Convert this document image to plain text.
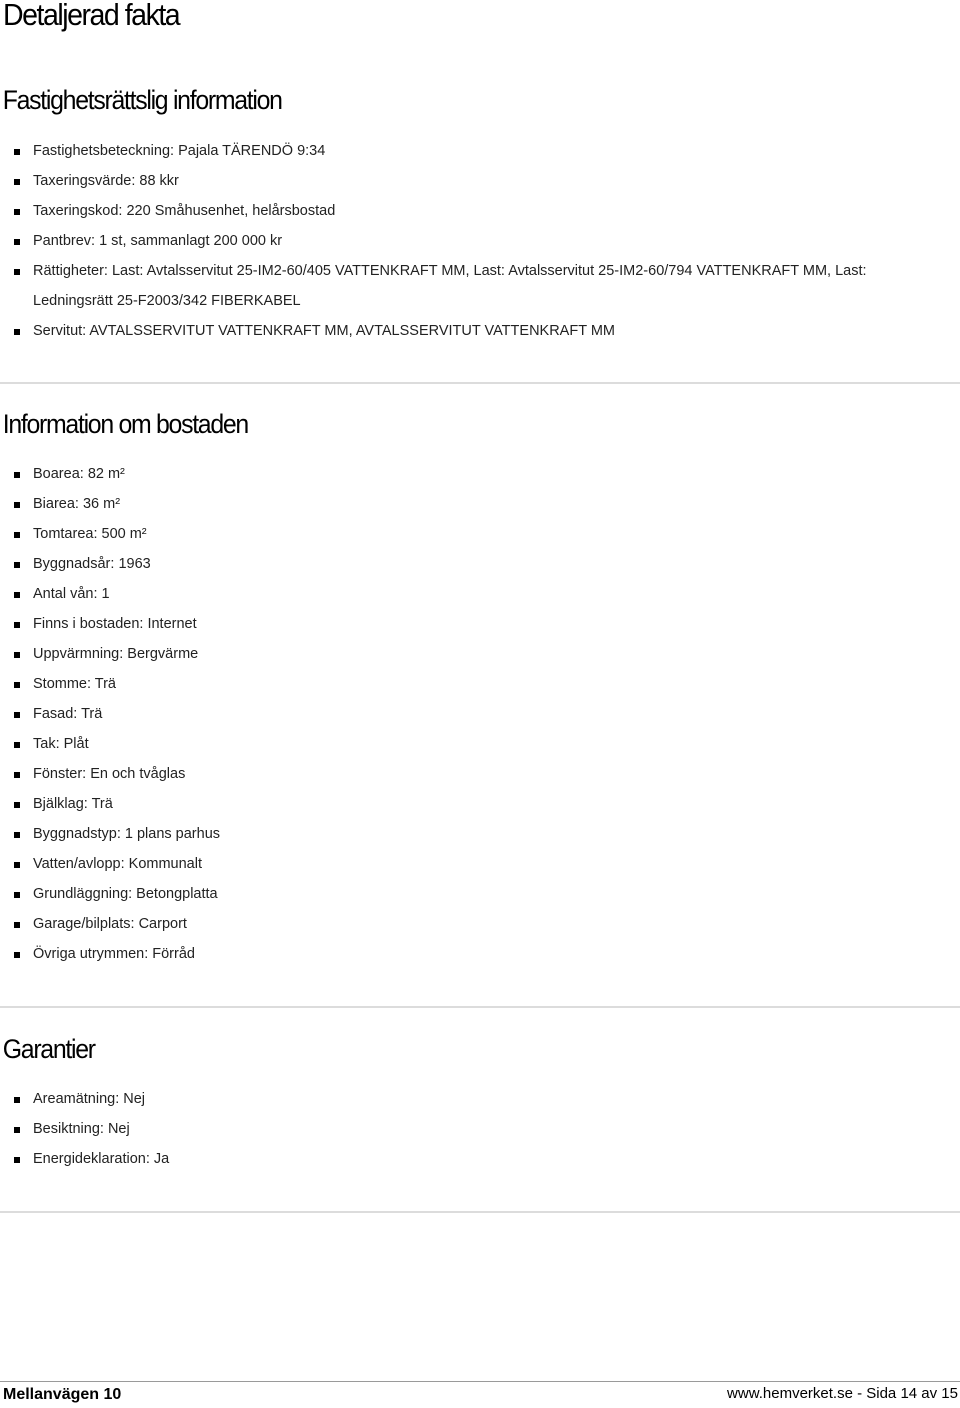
Detaljerad fakta
Fastighetsrättslig information
Fastighetsbeteckning: Pajala TÄRENDÖ 9:34
Taxeringsvärde: 88 kkr
Taxeringskod: 220 Småhusenhet, helårsbostad
Pantbrev: 1 st, sammanlagt 200 000 kr
Rättigheter: Last: Avtalsservitut 25-IM2-60/405 VATTENKRAFT MM, Last: Avtalsservitut 25-IM2-60/794 VATTENKRAFT MM, Last: Ledningsrätt 25-F2003/342 FIBERKABEL
Servitut: AVTALSSERVITUT VATTENKRAFT MM, AVTALSSERVITUT VATTENKRAFT MM
Information om bostaden
Boarea: 82 m²
Biarea: 36 m²
Tomtarea: 500 m²
Byggnadsår: 1963
Antal vån: 1
Finns i bostaden: Internet
Uppvärmning: Bergvärme
Stomme: Trä
Fasad: Trä
Tak: Plåt
Fönster: En och tvåglas
Bjälklag: Trä
Byggnadstyp: 1 plans parhus
Vatten/avlopp: Kommunalt
Grundläggning: Betongplatta
Garage/bilplats: Carport
Övriga utrymmen: Förråd
Garantier
Areamätning: Nej
Besiktning: Nej
Energideklaration: Ja
Mellanvägen 10	www.hemverket.se - Sida 14 av 15
